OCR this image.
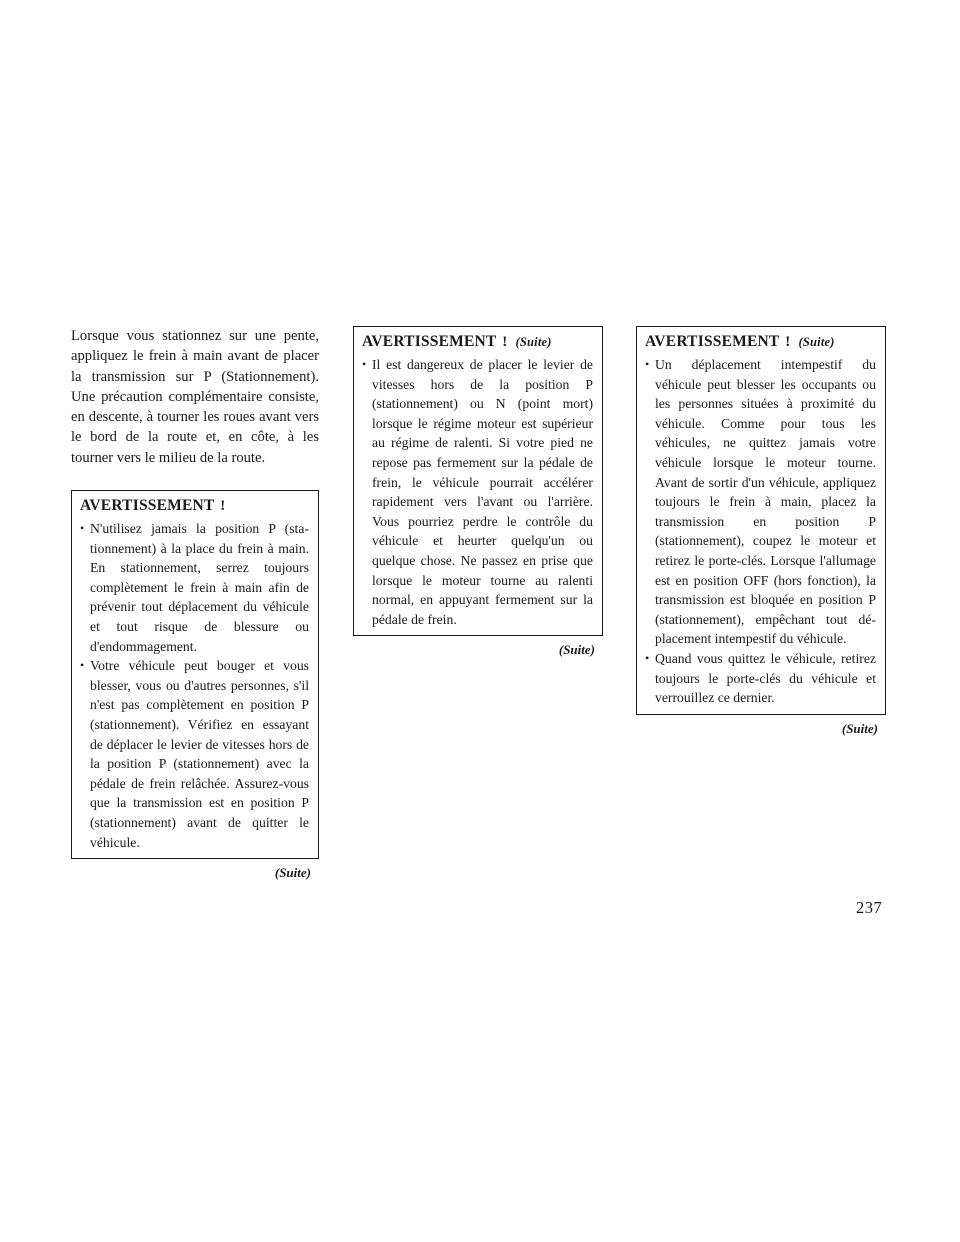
Lorsque vous stationnez sur une pente, appliquez le frein à main avant de placer la transmission sur P (Stationnement). Une précaution complémentaire consiste, en descente, à tourner les roues avant vers le bord de la route et, en côte, à les tourner vers le milieu de la route.

AVERTISSEMENT !
• N'utilisez jamais la position P (stationnement) à la place du frein à main. En stationnement, serrez toujours complètement le frein à main afin de prévenir tout déplacement du véhicule et tout risque de blessure ou d'endommagement.
• Votre véhicule peut bouger et vous blesser, vous ou d'autres personnes, s'il n'est pas complètement en position P (stationnement). Vérifiez en essayant de déplacer le levier de vitesses hors de la position P (stationnement) avec la pédale de frein relâchée. Assurez-vous que la transmission est en position P (stationnement) avant de quitter le véhicule.
(Suite)
AVERTISSEMENT ! (Suite)
• Il est dangereux de placer le levier de vitesses hors de la position P (stationnement) ou N (point mort) lorsque le régime moteur est supérieur au régime de ralenti. Si votre pied ne repose pas fermement sur la pédale de frein, le véhicule pourrait accélérer rapidement vers l'avant ou l'arrière. Vous pourriez perdre le contrôle du véhicule et heurter quelqu'un ou quelque chose. Ne passez en prise que lorsque le moteur tourne au ralenti normal, en appuyant fermement sur la pédale de frein.
(Suite)
AVERTISSEMENT ! (Suite)
• Un déplacement intempestif du véhicule peut blesser les occupants ou les personnes situées à proximité du véhicule. Comme pour tous les véhicules, ne quittez jamais votre véhicule lorsque le moteur tourne. Avant de sortir d'un véhicule, appliquez toujours le frein à main, placez la transmission en position P (stationnement), coupez le moteur et retirez le porte-clés. Lorsque l'allumage est en position OFF (hors fonction), la transmission est bloquée en position P (stationnement), empêchant tout déplacement intempestif du véhicule.
• Quand vous quittez le véhicule, retirez toujours le porte-clés du véhicule et verrouillez ce dernier.
(Suite)
237
